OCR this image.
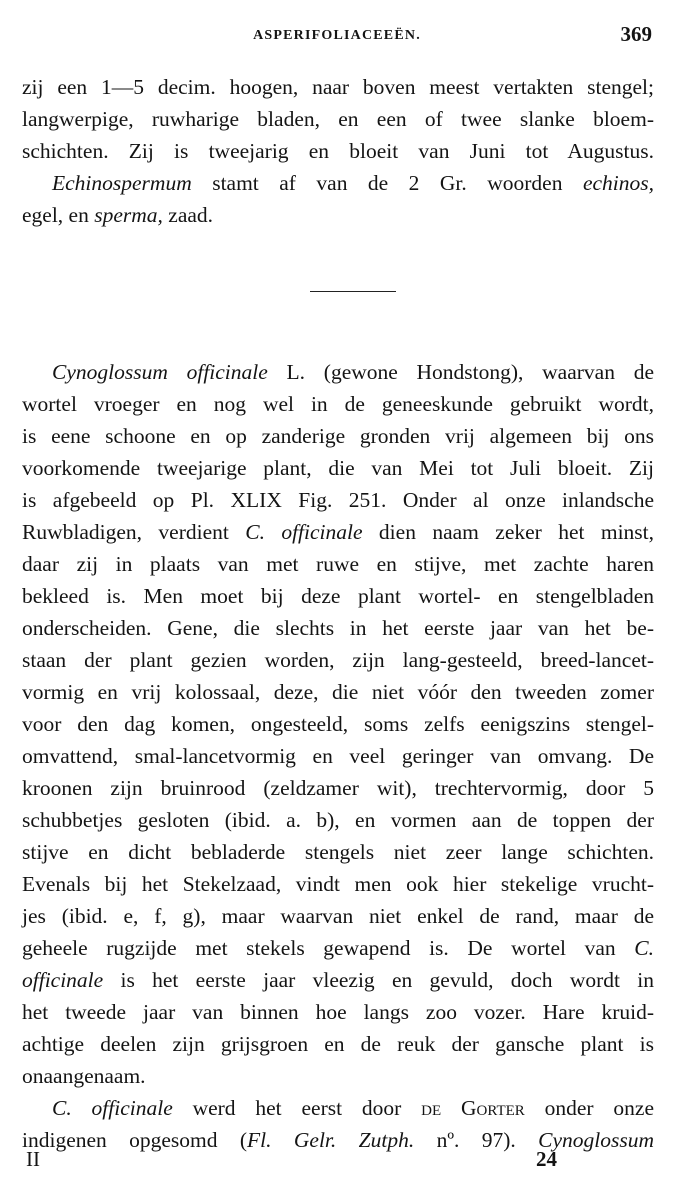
ASPERIFOLIACEEËN.	369
zij een 1—5 decim. hoogen, naar boven meest vertakten stengel;
langwerpige, ruwharige bladen, en een of twee slanke bloem-
schichten. Zij is tweejarig en bloeit van Juni tot Augustus.
Echinospermum stamt af van de 2 Gr. woorden echinos,
egel, en sperma, zaad.
Cynoglossum officinale L. (gewone Hondstong), waarvan de
wortel vroeger en nog wel in de geneeskunde gebruikt wordt,
is eene schoone en op zanderige gronden vrij algemeen bij ons
voorkomende tweejarige plant, die van Mei tot Juli bloeit. Zij
is afgebeeld op Pl. XLIX Fig. 251. Onder al onze inlandsche
Ruwbladigen, verdient C. officinale dien naam zeker het minst,
daar zij in plaats van met ruwe en stijve, met zachte haren
bekleed is. Men moet bij deze plant wortel- en stengelbladen
onderscheiden. Gene, die slechts in het eerste jaar van het be-
staan der plant gezien worden, zijn lang-gesteeld, breed-lancet-
vormig en vrij kolossaal, deze, die niet vóór den tweeden zomer
voor den dag komen, ongesteeld, soms zelfs eenigszins stengel-
omvattend, smal-lancetvormig en veel geringer van omvang. De
kroonen zijn bruinrood (zeldzamer wit), trechtervormig, door 5
schubbetjes gesloten (ibid. a. b), en vormen aan de toppen der
stijve en dicht bebladerde stengels niet zeer lange schichten.
Evenals bij het Stekelzaad, vindt men ook hier stekelige vrucht-
jes (ibid. e, f, g), maar waarvan niet enkel de rand, maar de
geheele rugzijde met stekels gewapend is. De wortel van C.
officinale is het eerste jaar vleezig en gevuld, doch wordt in
het tweede jaar van binnen hoe langs zoo vozer. Hare kruid-
achtige deelen zijn grijsgroen en de reuk der gansche plant is
onaangenaam.
C. officinale werd het eerst door de Gorter onder onze
indigenen opgesomd (Fl. Gelr. Zutph. nº. 97). Cynoglossum
II	24
